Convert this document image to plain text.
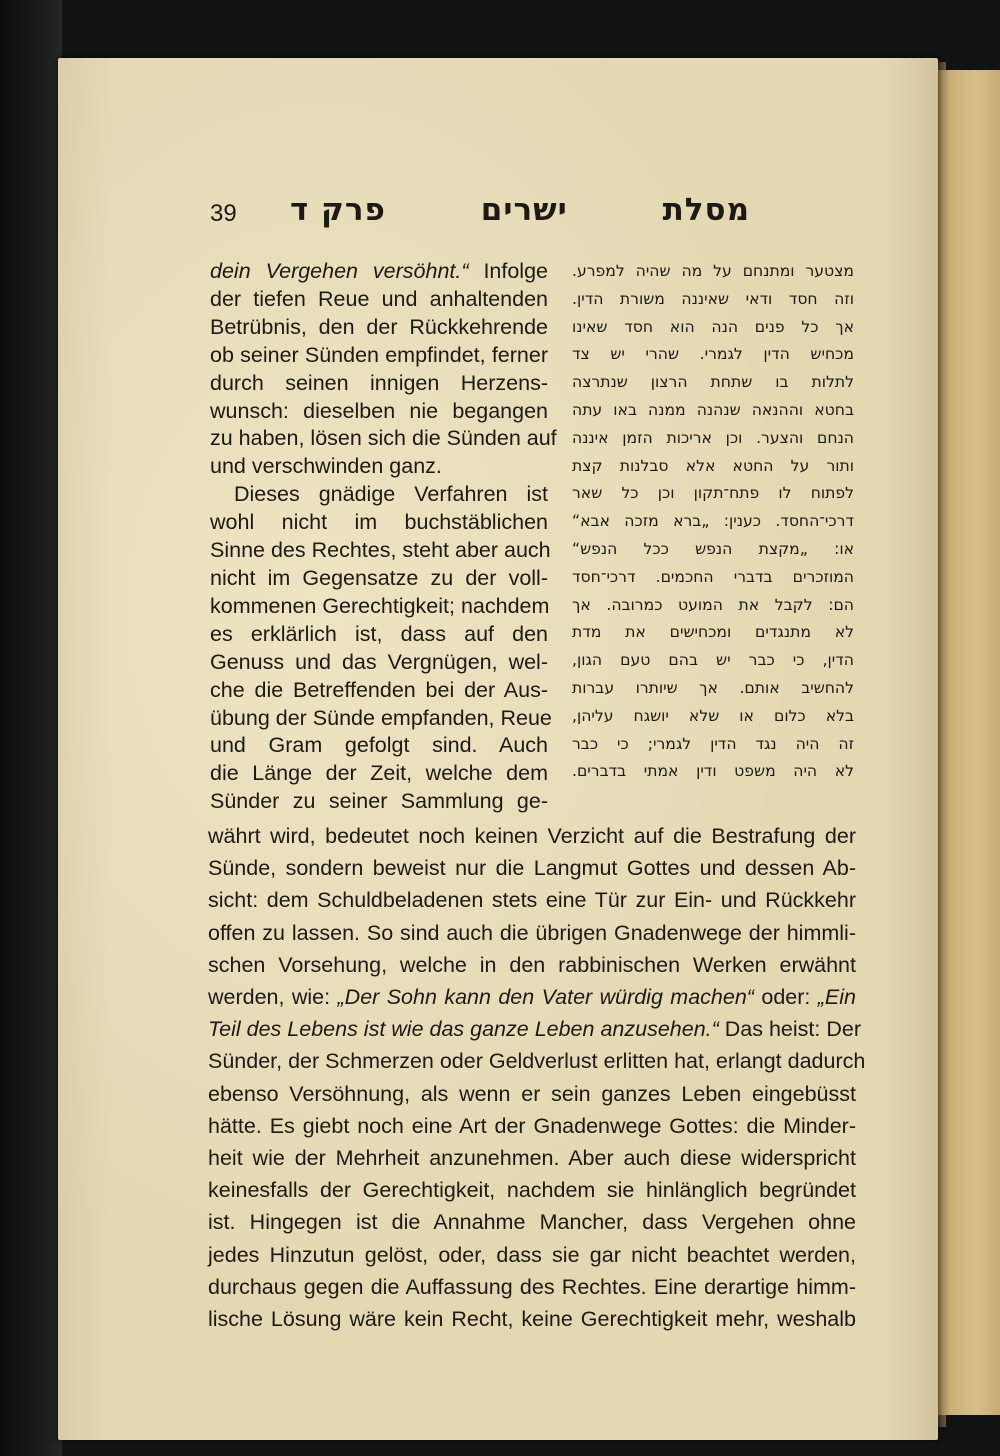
39	מסלת
ישרים
פרק ד
מצטער ומתנחם על מה שהיה למפרע.
וזה חסד ודאי שאיננה משורת הדין.
אך כל פנים הנה הוא חסד שאינו
מכחיש הדין לגמרי. שהרי יש צד
לתלות בו שתחת הרצון שנתרצה
בחטא וההנאה שנהנה ממנה באו עתה
הנחם והצער. וכן אריכות הזמן איננה
ותור על החטא אלא סבלנות קצת
לפתוח לו פתח־תקון וכן כל שאר
דרכי־החסד. כענין: „ברא מזכה אבא“
או: „מקצת הנפש ככל הנפש“
המוזכרים בדברי החכמים. דרכי־חסד
הם: לקבל את המועט כמרובה. אך
לא מתנגדים ומכחישים את מדת
הדין, כי כבר יש בהם טעם הגון,
להחשיב אותם. אך שיותרו עברות
בלא כלום או שלא יושגח עליהן,
זה היה נגד הדין לגמרי; כי כבר
לא היה משפט ודין אמתי בדברים.
dein Vergehen versöhnt.“ Infolge
der tiefen Reue und anhaltenden
Betrübnis, den der Rückkehrende
ob seiner Sünden empfindet, ferner
durch seinen innigen Herzens-
wunsch: dieselben nie begangen
zu haben, lösen sich die Sünden auf
und verschwinden ganz.
Dieses gnädige Verfahren ist
wohl nicht im buchstäblichen
Sinne des Rechtes, steht aber auch
nicht im Gegensatze zu der voll-
kommenen Gerechtigkeit; nachdem
es erklärlich ist, dass auf den
Genuss und das Vergnügen, wel-
che die Betreffenden bei der Aus-
übung der Sünde empfanden, Reue
und Gram gefolgt sind. Auch
die Länge der Zeit, welche dem
Sünder zu seiner Sammlung ge-
währt wird, bedeutet noch keinen Verzicht auf die Bestrafung der
Sünde, sondern beweist nur die Langmut Gottes und dessen Ab-
sicht: dem Schuldbeladenen stets eine Tür zur Ein- und Rückkehr
offen zu lassen. So sind auch die übrigen Gnadenwege der himmli-
schen Vorsehung, welche in den rabbinischen Werken erwähnt
werden, wie: „Der Sohn kann den Vater würdig machen“ oder: „Ein
Teil des Lebens ist wie das ganze Leben anzusehen.“ Das heist: Der
Sünder, der Schmerzen oder Geldverlust erlitten hat, erlangt dadurch
ebenso Versöhnung, als wenn er sein ganzes Leben eingebüsst
hätte. Es giebt noch eine Art der Gnadenwege Gottes: die Minder-
heit wie der Mehrheit anzunehmen. Aber auch diese widerspricht
keinesfalls der Gerechtigkeit, nachdem sie hinlänglich begründet
ist. Hingegen ist die Annahme Mancher, dass Vergehen ohne
jedes Hinzutun gelöst, oder, dass sie gar nicht beachtet werden,
durchaus gegen die Auffassung des Rechtes. Eine derartige himm-
lische Lösung wäre kein Recht, keine Gerechtigkeit mehr, weshalb
